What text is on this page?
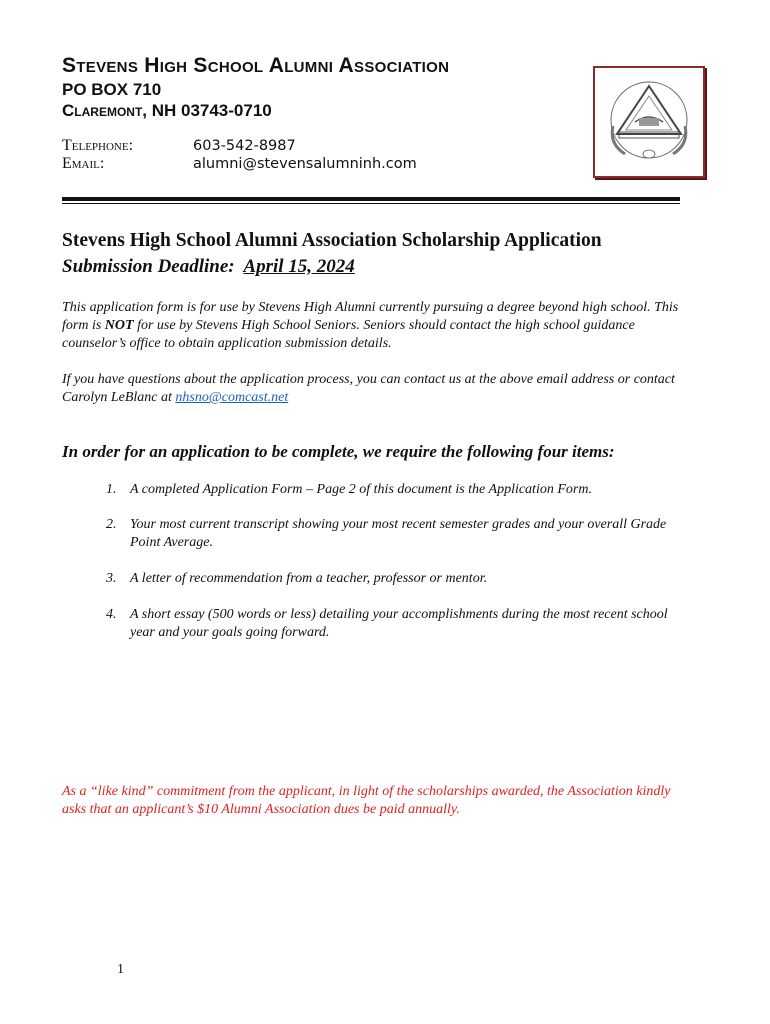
Stevens High School Alumni Association
PO BOX 710
Claremont, NH 03743-0710
Telephone:	603-542-8987
Email:	alumni@stevensalumninh.com
Stevens High School Alumni Association Scholarship Application
Submission Deadline: April 15, 2024
This application form is for use by Stevens High Alumni currently pursuing a degree beyond high school. This form is NOT for use by Stevens High School Seniors. Seniors should contact the high school guidance counselor’s office to obtain application submission details.
If you have questions about the application process, you can contact us at the above email address or contact Carolyn LeBlanc at nhsno@comcast.net
In order for an application to be complete, we require the following four items:
1. A completed Application Form – Page 2 of this document is the Application Form.
2. Your most current transcript showing your most recent semester grades and your overall Grade Point Average.
3. A letter of recommendation from a teacher, professor or mentor.
4. A short essay (500 words or less) detailing your accomplishments during the most recent school year and your goals going forward.
As a “like kind” commitment from the applicant, in light of the scholarships awarded, the Association kindly asks that an applicant’s $10 Alumni Association dues be paid annually.
1
